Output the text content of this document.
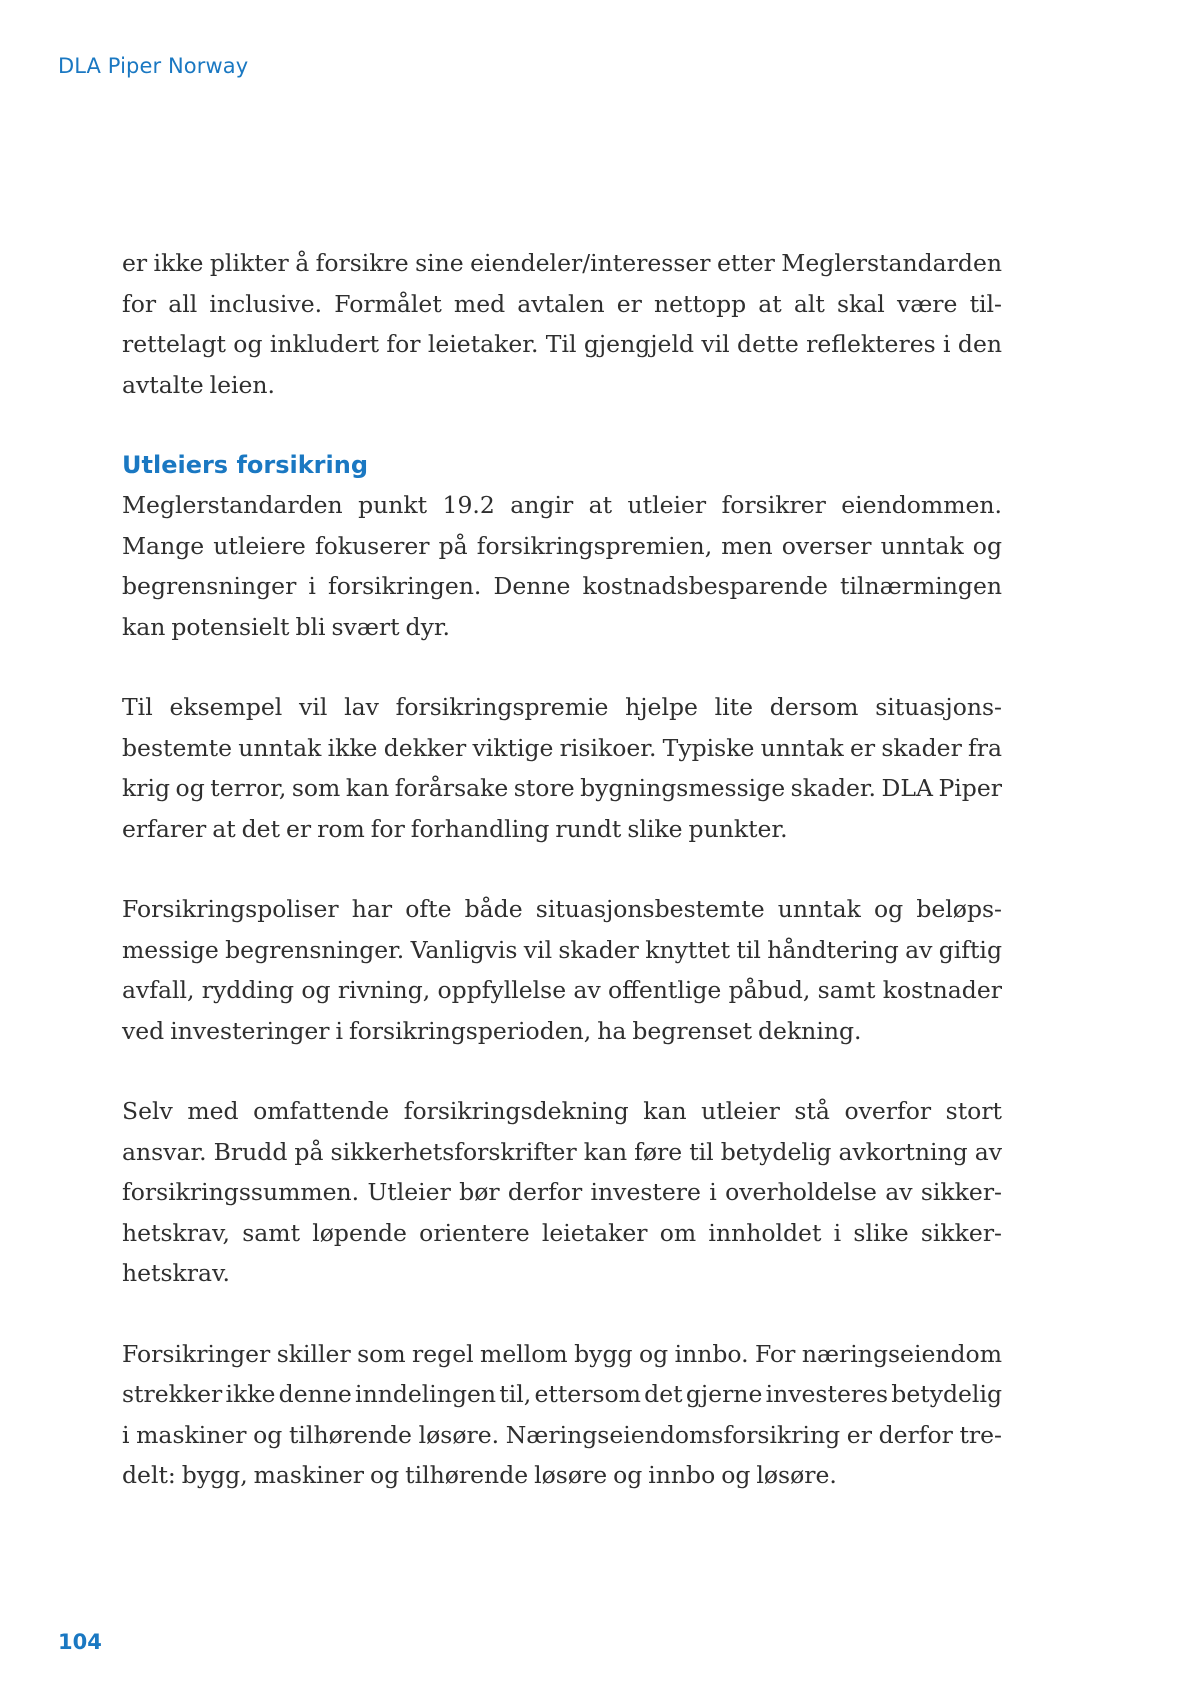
DLA Piper Norway

er ikke plikter å forsikre sine eiendeler/interesser etter Meglerstandarden
for all inclusive. Formålet med avtalen er nettopp at alt skal være til-
rettelagt og inkludert for leietaker. Til gjengjeld vil dette reflekteres i den
avtalte leien.

Utleiers forsikring

Meglerstandarden punkt 19.2 angir at utleier forsikrer eiendommen.
Mange utleiere fokuserer på forsikringspremien, men overser unntak og
begrensninger i forsikringen. Denne kostnadsbesparende tilnærmingen
kan potensielt bli svært dyr.

Til eksempel vil lav forsikringspremie hjelpe lite dersom situasjons-
bestemte unntak ikke dekker viktige risikoer. Typiske unntak er skader fra
krig og terror, som kan forårsake store bygningsmessige skader. DLA Piper
erfarer at det er rom for forhandling rundt slike punkter.

Forsikringspoliser har ofte både situasjonsbestemte unntak og beløps-
messige begrensninger. Vanligvis vil skader knyttet til håndtering av giftig
avfall, rydding og rivning, oppfyllelse av offentlige påbud, samt kostnader
ved investeringer i forsikringsperioden, ha begrenset dekning.

Selv med omfattende forsikringsdekning kan utleier stå overfor stort
ansvar. Brudd på sikkerhetsforskrifter kan føre til betydelig avkortning av
forsikringssummen. Utleier bør derfor investere i overholdelse av sikker-
hetskrav, samt løpende orientere leietaker om innholdet i slike sikker-
hetskrav.

Forsikringer skiller som regel mellom bygg og innbo. For næringseiendom
strekker ikke denne inndelingen til, ettersom det gjerne investeres betydelig
i maskiner og tilhørende løsøre. Næringseiendomsforsikring er derfor tre-
delt: bygg, maskiner og tilhørende løsøre og innbo og løsøre.

104
